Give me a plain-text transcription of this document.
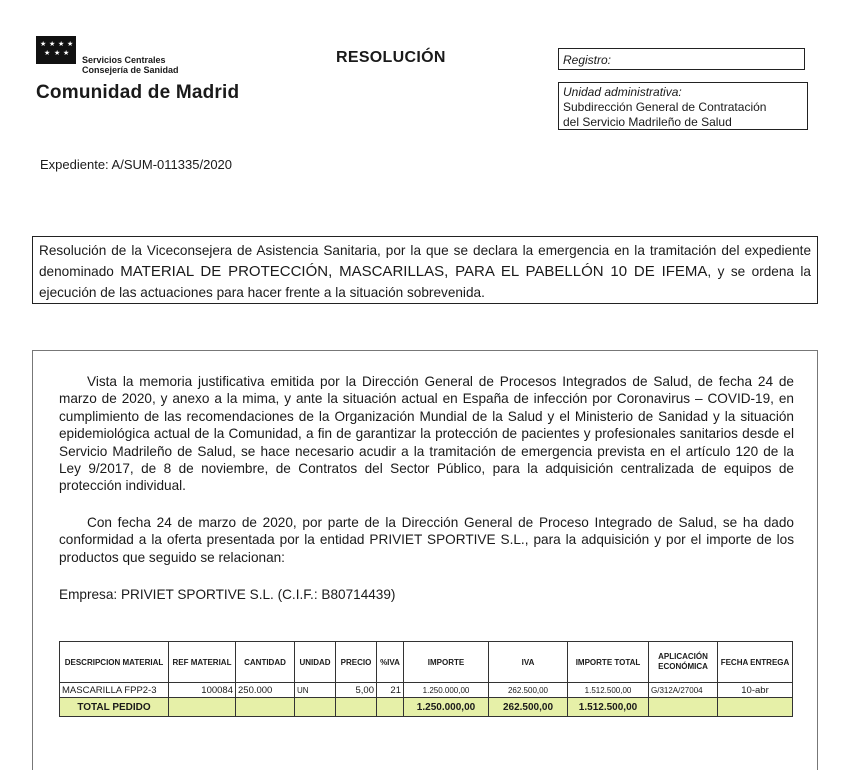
★ ★ ★ ★
★ ★ ★
Servicios Centrales
Consejería de Sanidad
Comunidad de Madrid
RESOLUCIÓN	Registro:
Unidad administrativa:
Subdirección General de Contratación
del Servicio Madrileño de Salud
Expediente: A/SUM-011335/2020
Resolución de la Viceconsejera de Asistencia Sanitaria, por la que se declara la emergencia en la tramitación del expediente denominado MATERIAL DE PROTECCIÓN, MASCARILLAS, PARA EL PABELLÓN 10 DE IFEMA, y se ordena la ejecución de las actuaciones para hacer frente a la situación sobrevenida.
Vista la memoria justificativa emitida por la Dirección General de Procesos Integrados de Salud, de fecha 24 de marzo de 2020, y anexo a la mima, y ante la situación actual en España de infección por Coronavirus – COVID-19, en cumplimiento de las recomendaciones de la Organización Mundial de la Salud y el Ministerio de Sanidad y la situación epidemiológica actual de la Comunidad, a fin de garantizar la protección de pacientes y profesionales sanitarios desde el Servicio Madrileño de Salud, se hace necesario acudir a la tramitación de emergencia prevista en el artículo 120 de la Ley 9/2017, de 8 de noviembre, de Contratos del Sector Público, para la adquisición centralizada de equipos de protección individual.
Con fecha 24 de marzo de 2020, por parte de la Dirección General de Proceso Integrado de Salud, se ha dado conformidad a la oferta presentada por la entidad PRIVIET SPORTIVE S.L., para la adquisición y por el importe de los productos que seguido se relacionan:
Empresa: PRIVIET SPORTIVE S.L. (C.I.F.: B80714439)
DESCRIPCION MATERIAL	REF MATERIAL	CANTIDAD	UNIDAD	PRECIO	%IVA	IMPORTE	IVA	IMPORTE TOTAL	APLICACIÓN ECONÓMICA	FECHA ENTREGA
MASCARILLA FPP2-3	100084	250.000	UN	5,00	21	1.250.000,00	262.500,00	1.512.500,00	G/312A/27004	10-abr
TOTAL PEDIDO						1.250.000,00	262.500,00	1.512.500,00		
